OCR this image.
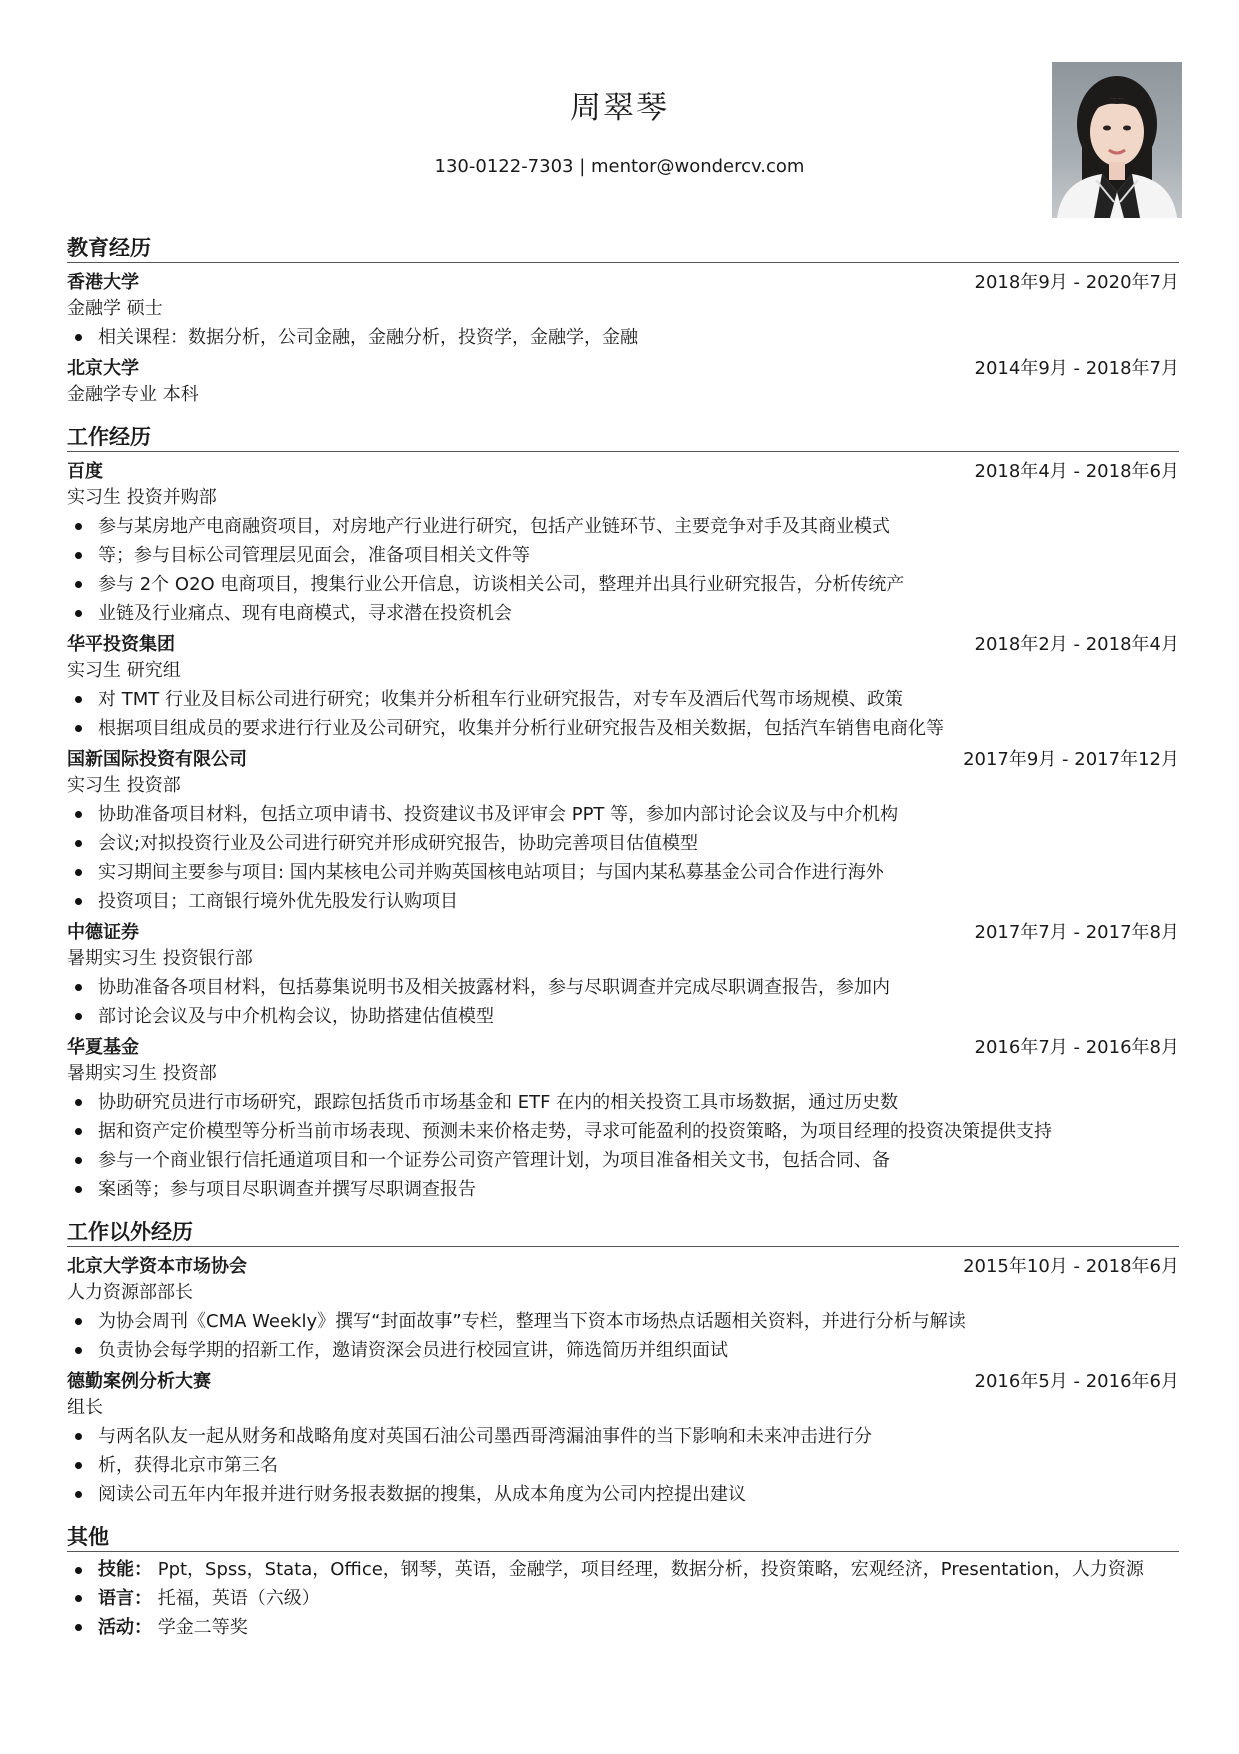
周翠琴
130-0122-7303 | mentor@wondercv.com
教育经历
香港大学	2018年9月 - 2020年7月
金融学 硕士
相关课程：数据分析，公司金融，金融分析，投资学，金融学，金融
北京大学	2014年9月 - 2018年7月
金融学专业 本科
工作经历
百度	2018年4月 - 2018年6月
实习生 投资并购部
参与某房地产电商融资项目，对房地产行业进行研究，包括产业链环节、主要竞争对手及其商业模式
等；参与目标公司管理层见面会，准备项目相关文件等
参与 2个 O2O 电商项目，搜集行业公开信息，访谈相关公司，整理并出具行业研究报告，分析传统产
业链及行业痛点、现有电商模式，寻求潜在投资机会
华平投资集团	2018年2月 - 2018年4月
实习生 研究组
对 TMT 行业及目标公司进行研究；收集并分析租车行业研究报告，对专车及酒后代驾市场规模、政策
根据项目组成员的要求进行行业及公司研究，收集并分析行业研究报告及相关数据，包括汽车销售电商化等
国新国际投资有限公司	2017年9月 - 2017年12月
实习生 投资部
协助准备项目材料，包括立项申请书、投资建议书及评审会 PPT 等，参加内部讨论会议及与中介机构
会议;对拟投资行业及公司进行研究并形成研究报告，协助完善项目估值模型
实习期间主要参与项目: 国内某核电公司并购英国核电站项目；与国内某私募基金公司合作进行海外
投资项目；工商银行境外优先股发行认购项目
中德证券	2017年7月 - 2017年8月
暑期实习生 投资银行部
协助准备各项目材料，包括募集说明书及相关披露材料，参与尽职调查并完成尽职调查报告，参加内
部讨论会议及与中介机构会议，协助搭建估值模型
华夏基金	2016年7月 - 2016年8月
暑期实习生 投资部
协助研究员进行市场研究，跟踪包括货币市场基金和 ETF 在内的相关投资工具市场数据，通过历史数
据和资产定价模型等分析当前市场表现、预测未来价格走势，寻求可能盈利的投资策略，为项目经理的投资决策提供支持
参与一个商业银行信托通道项目和一个证券公司资产管理计划，为项目准备相关文书，包括合同、备
案函等；参与项目尽职调查并撰写尽职调查报告
工作以外经历
北京大学资本市场协会	2015年10月 - 2018年6月
人力资源部部长
为协会周刊《CMA Weekly》撰写“封面故事”专栏，整理当下资本市场热点话题相关资料，并进行分析与解读
负责协会每学期的招新工作，邀请资深会员进行校园宣讲，筛选简历并组织面试
德勤案例分析大赛	2016年5月 - 2016年6月
组长
与两名队友一起从财务和战略角度对英国石油公司墨西哥湾漏油事件的当下影响和未来冲击进行分
析，获得北京市第三名
阅读公司五年内年报并进行财务报表数据的搜集，从成本角度为公司内控提出建议
其他
技能： Ppt，Spss，Stata，Office，钢琴，英语，金融学，项目经理，数据分析，投资策略，宏观经济，Presentation，人力资源
语言： 托福，英语（六级）
活动： 学金二等奖
